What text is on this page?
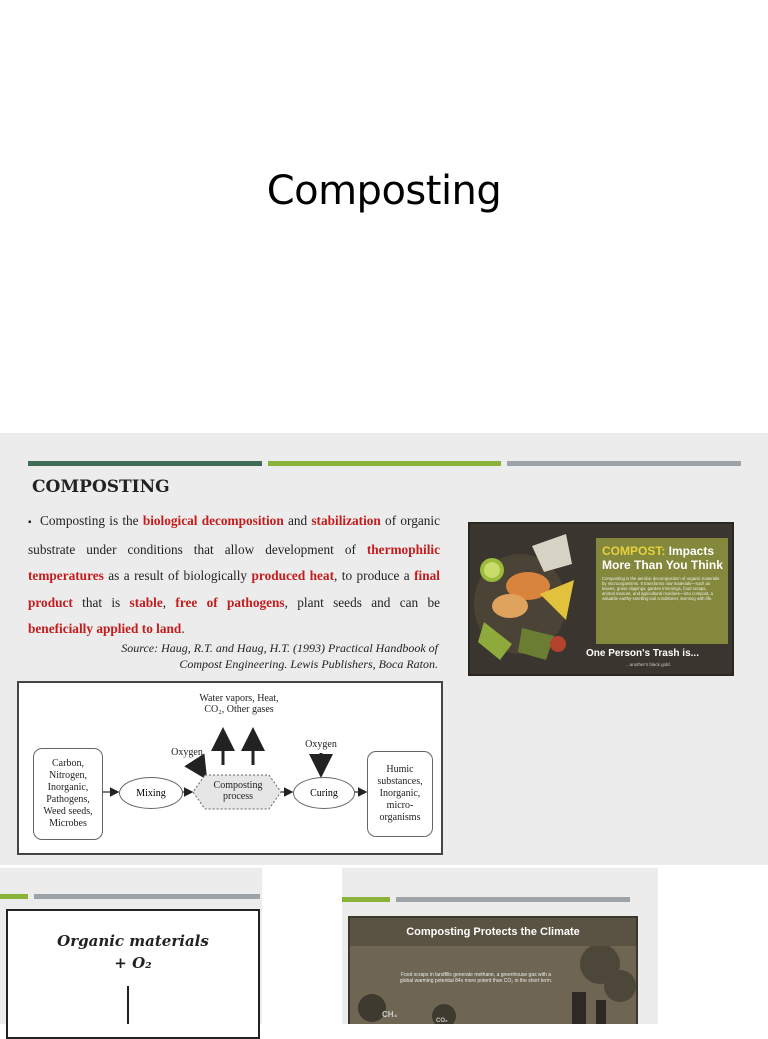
Composting
COMPOSTING
▪ Composting is the biological decomposition and stabilization of organic substrate under conditions that allow development of thermophilic temperatures as a result of biologically produced heat, to produce a final product that is stable, free of pathogens, plant seeds and can be beneficially applied to land.
Source: Haug, R.T. and Haug, H.T. (1993) Practical Handbook of
Compost Engineering. Lewis Publishers, Boca Raton.
Carbon,
Nitrogen,
Inorganic,
Pathogens,
Weed seeds,
Microbes
Mixing
Composting
process	Curing
Humic
substances,
Inorganic,
micro-
organisms
Oxygen
Oxygen
Water vapors, Heat,
CO₂, Other gases
COMPOST: Impacts More Than You Think
Composting is the aerobic decomposition of organic materials by microorganisms. It transforms raw materials—such as leaves, grass clippings, garden trimmings, food scraps, animal manure, and agricultural residues—into compost, a valuable earthy-smelling soil conditioner, teeming with life.
One Person's Trash is...
...another's black gold.
Organic materials
+ O₂
Composting Protects the Climate
Food scraps in landfills generate methane, a greenhouse gas with a global warming potential 84x more potent than CO₂ in the short term.
CH₄
CO₂
